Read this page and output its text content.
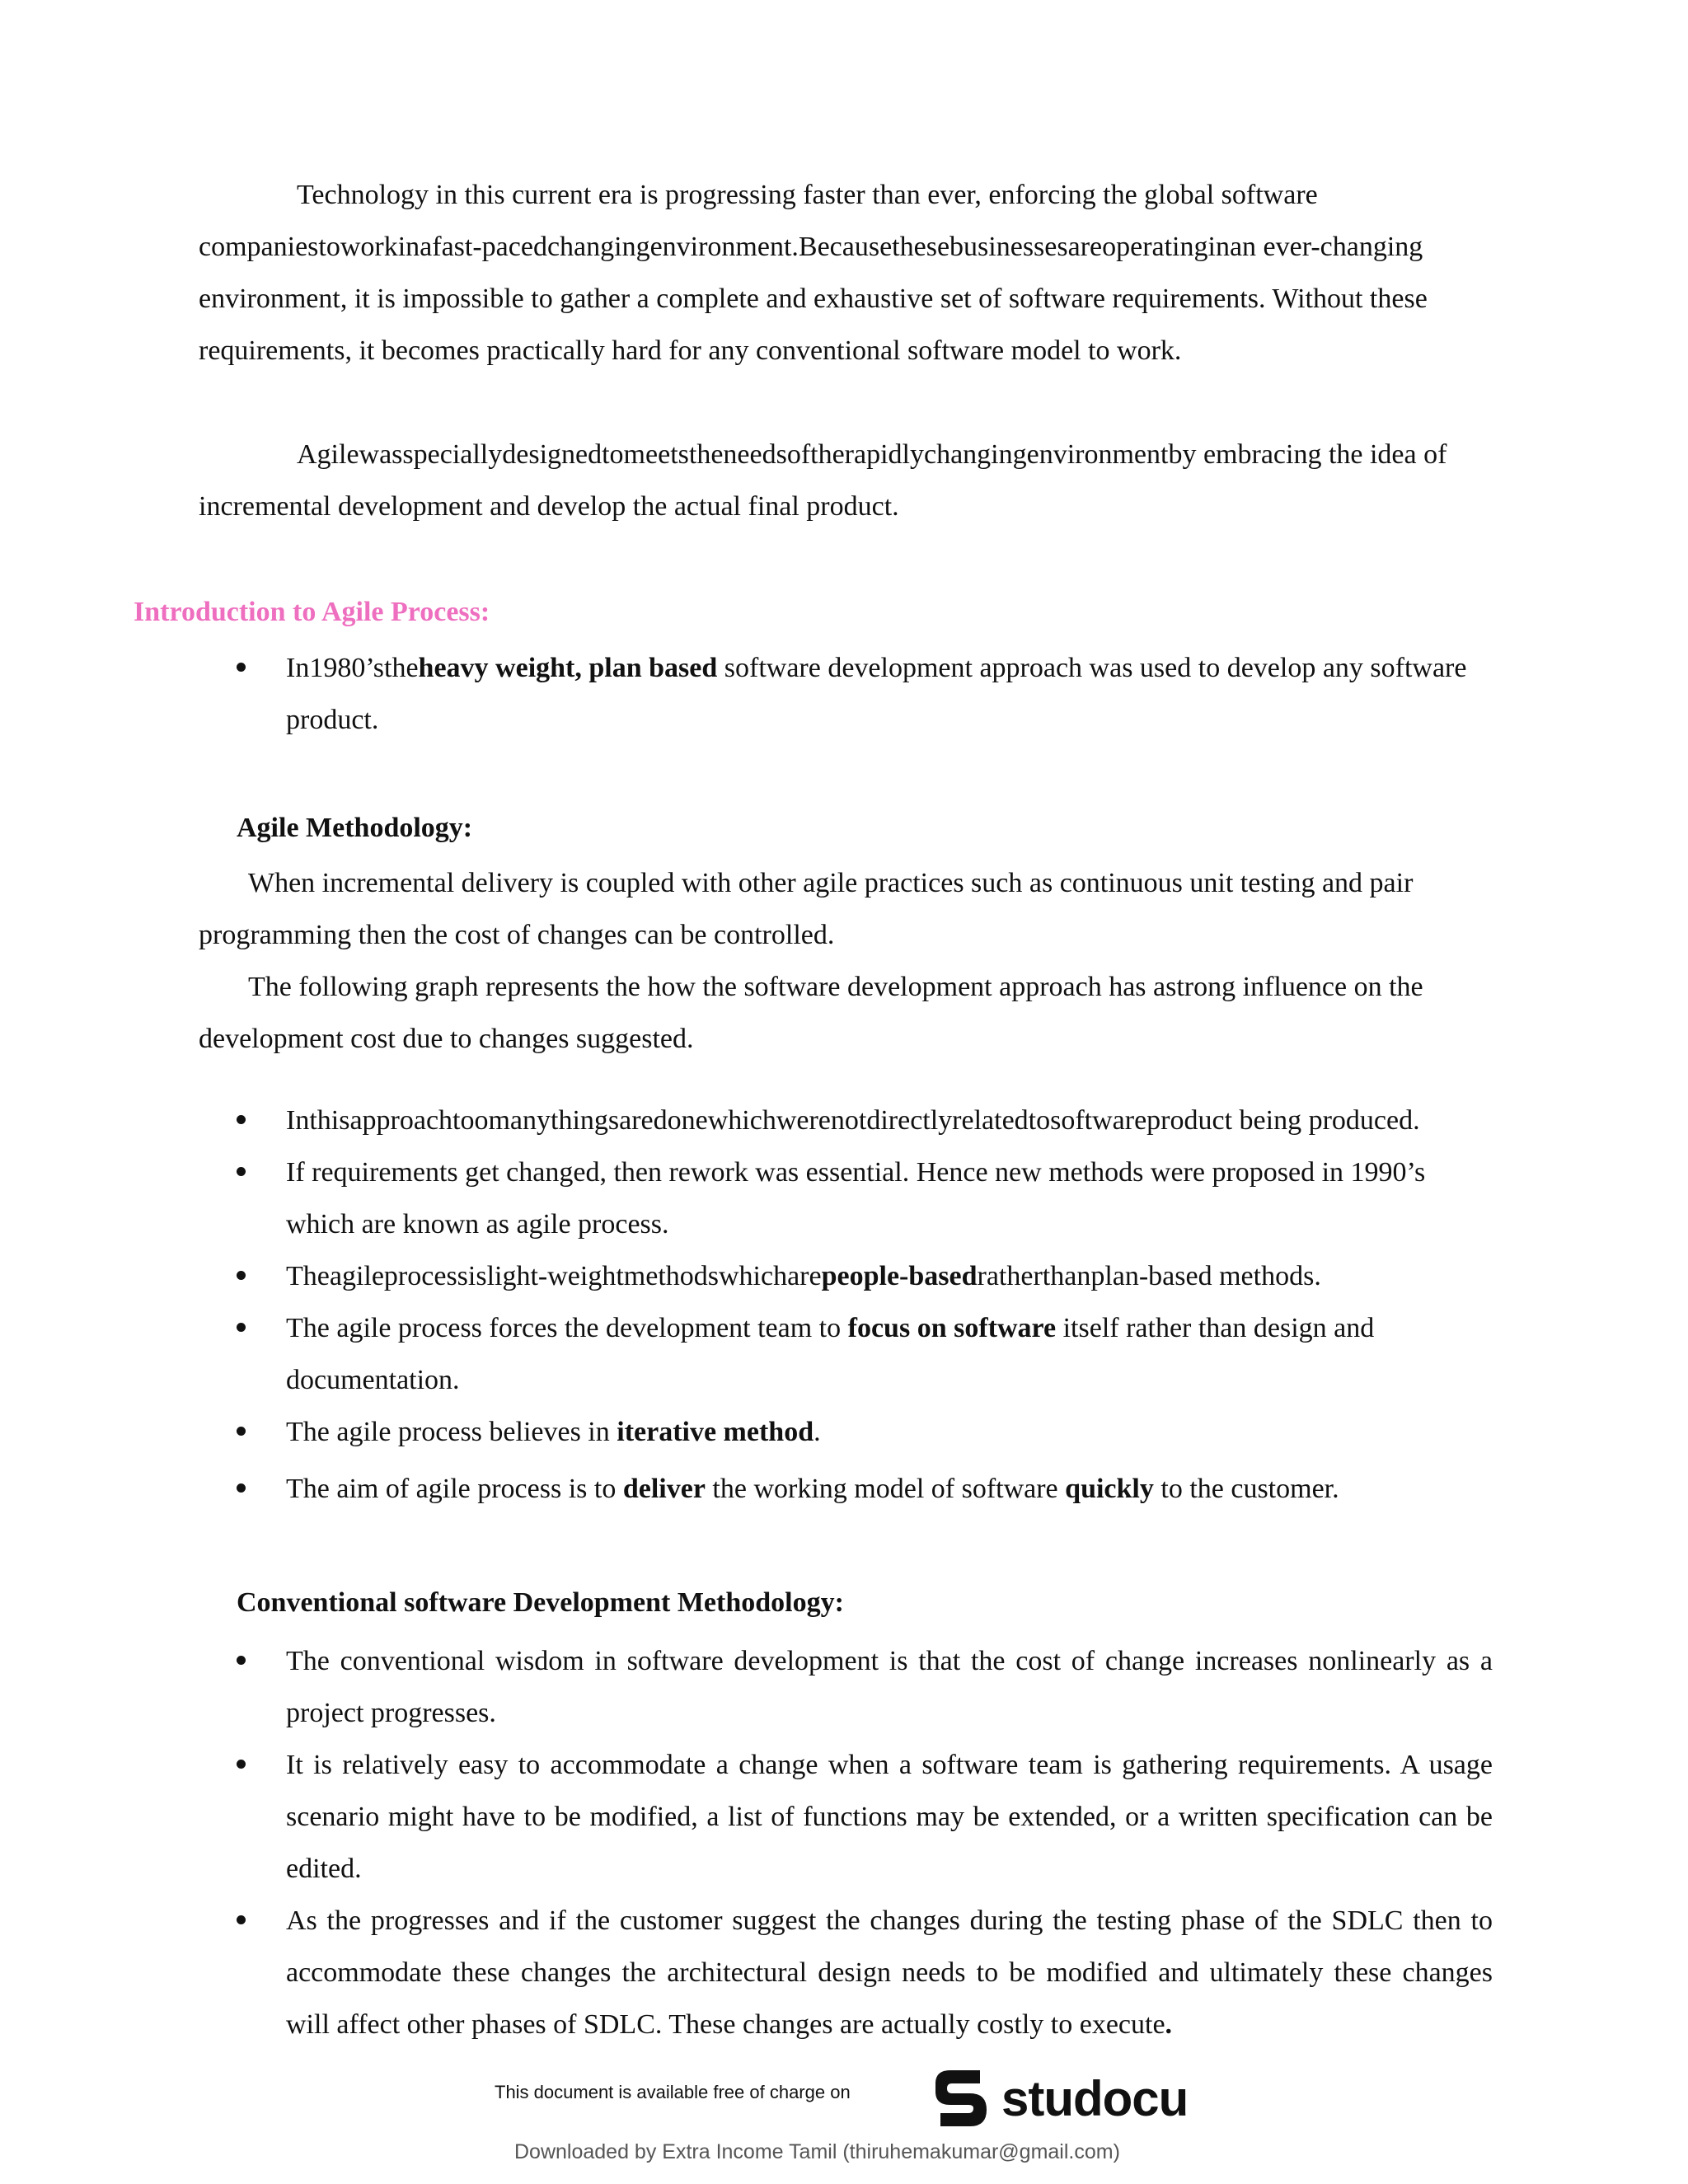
Technology in this current era is progressing faster than ever, enforcing the global software companiestoworkinafast-pacedchangingenvironment.Becausethesebusinessesareoperatinginan ever-changing environment, it is impossible to gather a complete and exhaustive set of software requirements. Without these requirements, it becomes practically hard for any conventional software model to work.

Agilewasspeciallydesignedtomeetstheneedsoftherapidlychangingenvironmentby embracing the idea of incremental development and develop the actual final product.

Introduction to Agile Process:
In1980’stheheavy weight, plan based software development approach was used to develop any software product.
Agile Methodology:

When incremental delivery is coupled with other agile practices such as continuous unit testing and pair programming then the cost of changes can be controlled.

The following graph represents the how the software development approach has astrong influence on the development cost due to changes suggested.

Inthisapproachtoomanythingsaredonewhichwerenotdirectlyrelatedtosoftwareproduct being produced.
If requirements get changed, then rework was essential. Hence new methods were proposed in 1990’s which are known as agile process.
Theagileprocessislight-weightmethodswhicharepeople-basedratherthanplan-based methods.
The agile process forces the development team to focus on software itself rather than design and documentation.
The agile process believes in iterative method.
The aim of agile process is to deliver the working model of software quickly to the customer.
Conventional software Development Methodology:
The conventional wisdom in software development is that the cost of change increases nonlinearly as a project progresses.
It is relatively easy to accommodate a change when a software team is gathering requirements. A usage scenario might have to be modified, a list of functions may be extended, or a written specification can be edited.
As the progresses and if the customer suggest the changes during the testing phase of the SDLC then to accommodate these changes the architectural design needs to be modified and ultimately these changes will affect other phases of SDLC. These changes are actually costly to execute.
This document is available free of charge on	studocu
Downloaded by Extra Income Tamil (thiruhemakumar@gmail.com)
